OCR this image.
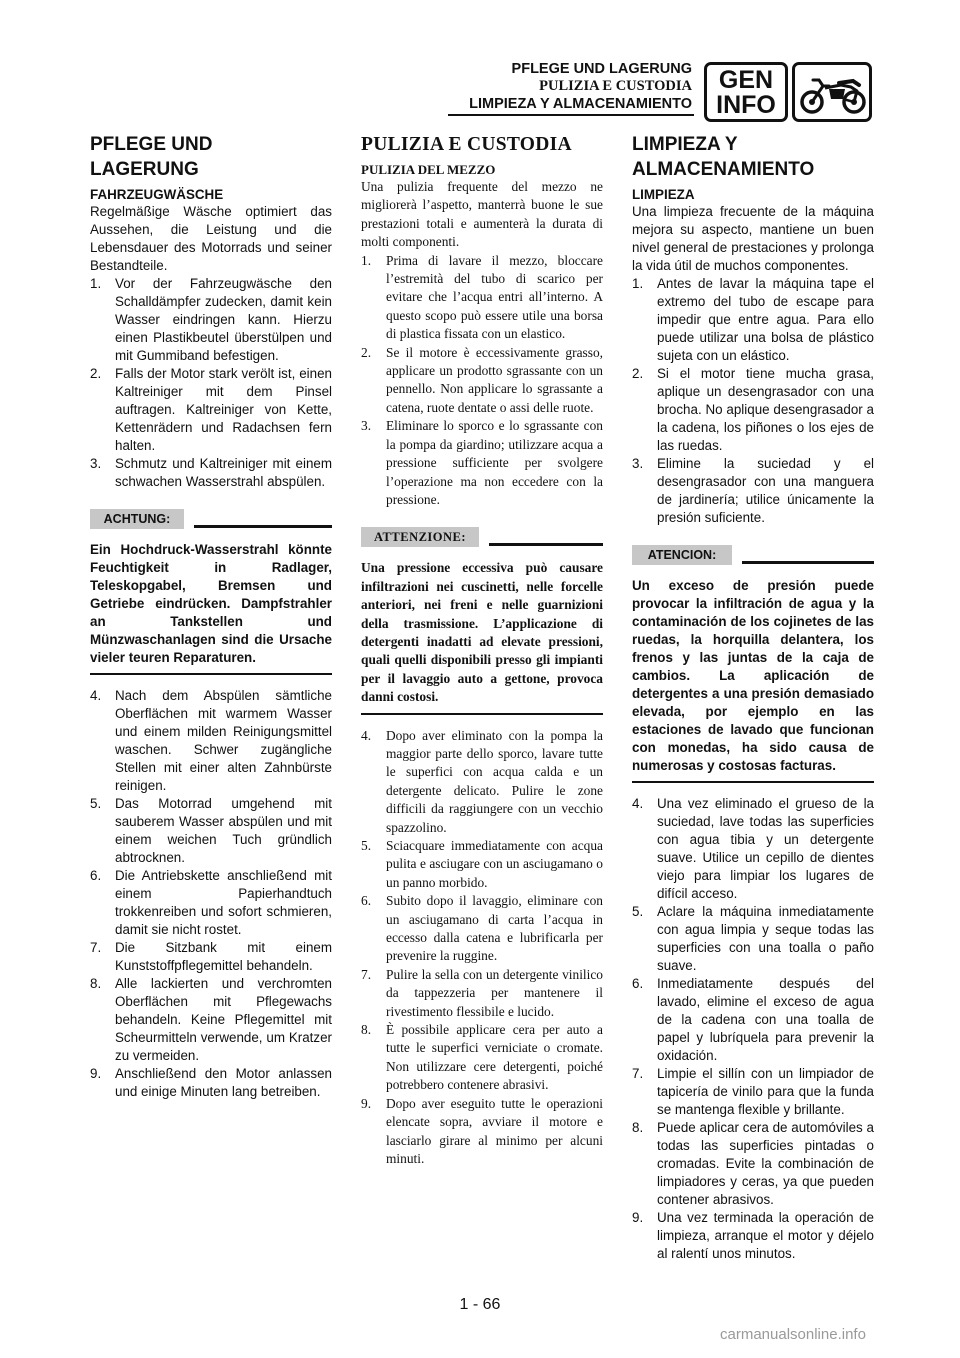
PFLEGE UND LAGERUNG
PULIZIA E CUSTODIA
LIMPIEZA Y ALMACENAMIENTO
GEN
INFO
PFLEGE UND
LAGERUNG
FAHRZEUGWÄSCHE

Regelmäßige Wäsche optimiert das Aussehen, die Leistung und die Lebensdauer des Motorrads und seiner Bestandteile.

1.	Vor der Fahrzeugwäsche den Schalldämpfer zudecken, damit kein Wasser eindringen kann. Hierzu einen Plastikbeutel überstülpen und mit Gummiband befestigen.
2.	Falls der Motor stark verölt ist, einen Kaltreiniger mit dem Pinsel auftragen. Kaltreiniger von Kette, Kettenrädern und Radachsen fern halten.
3.	Schmutz und Kaltreiniger mit einem schwachen Wasserstrahl abspülen.
ACHTUNG:

Ein Hochdruck-Wasserstrahl könnte Feuchtigkeit in Radlager, Teleskopgabel, Bremsen und Getriebe eindrücken. Dampfstrahler an Tankstellen und Münzwaschanlagen sind die Ursache vieler teuren Reparaturen.

4.	Nach dem Abspülen sämtliche Oberflächen mit warmem Wasser und einem milden Reinigungsmittel waschen. Schwer zugängliche Stellen mit einer alten Zahnbürste reinigen.
5.	Das Motorrad umgehend mit sauberem Wasser abspülen und mit einem weichen Tuch gründlich abtrocknen.
6.	Die Antriebskette anschließend mit einem Papierhandtuch trokkenreiben und sofort schmieren, damit sie nicht rostet.
7.	Die Sitzbank mit einem Kunststoffpflegemittel behandeln.
8.	Alle lackierten und verchromten Oberflächen mit Pflegewachs behandeln. Keine Pflegemittel mit Scheurmitteln verwende, um Kratzer zu vermeiden.
9.	Anschließend den Motor anlassen und einige Minuten lang betreiben.
PULIZIA E CUSTODIA
PULIZIA DEL MEZZO

Una pulizia frequente del mezzo ne migliorerà l’aspetto, manterrà buone le sue prestazioni totali e aumenterà la durata di molti componenti.

1.	Prima di lavare il mezzo, bloccare l’estremità del tubo di scarico per evitare che l’acqua entri all’interno. A questo scopo può essere utile una borsa di plastica fissata con un elastico.
2.	Se il motore è eccessivamente grasso, applicare un prodotto sgrassante con un pennello. Non applicare lo sgrassante a catena, ruote dentate o assi delle ruote.
3.	Eliminare lo sporco e lo sgrassante con la pompa da giardino; utilizzare acqua a pressione sufficiente per svolgere l’operazione ma non eccedere con la pressione.
ATTENZIONE:

Una pressione eccessiva può causare infiltrazioni nei cuscinetti, nelle forcelle anteriori, nei freni e nelle guarnizioni della trasmissione. L’applicazione di detergenti inadatti ad elevate pressioni, quali quelli disponibili presso gli impianti per il lavaggio auto a gettone, provoca danni costosi.

4.	Dopo aver eliminato con la pompa la maggior parte dello sporco, lavare tutte le superfici con acqua calda e un detergente delicato. Pulire le zone difficili da raggiungere con un vecchio spazzolino.
5.	Sciacquare immediatamente con acqua pulita e asciugare con un asciugamano o un panno morbido.
6.	Subito dopo il lavaggio, eliminare con un asciugamano di carta l’acqua in eccesso dalla catena e lubrificarla per prevenire la ruggine.
7.	Pulire la sella con un detergente vinilico da tappezzeria per mantenere il rivestimento flessibile e lucido.
8.	È possibile applicare cera per auto a tutte le superfici verniciate o cromate. Non utilizzare cere detergenti, poiché potrebbero contenere abrasivi.
9.	Dopo aver eseguito tutte le operazioni elencate sopra, avviare il motore e lasciarlo girare al minimo per alcuni minuti.
LIMPIEZA Y
ALMACENAMIENTO
LIMPIEZA

Una limpieza frecuente de la máquina mejora su aspecto, mantiene un buen nivel general de prestaciones y prolonga la vida útil de muchos componentes.

1.	Antes de lavar la máquina tape el extremo del tubo de escape para impedir que entre agua. Para ello puede utilizar una bolsa de plástico sujeta con un elástico.
2.	Si el motor tiene mucha grasa, aplique un desengrasador con una brocha. No aplique desengrasador a la cadena, los piñones o los ejes de las ruedas.
3.	Elimine la suciedad y el desengrasador con una manguera de jardinería; utilice únicamente la presión suficiente.
ATENCION:

Un exceso de presión puede provocar la infiltración de agua y la contaminación de los cojinetes de las ruedas, la horquilla delantera, los frenos y las juntas de la caja de cambios. La aplicación de detergentes a una presión demasiado elevada, por ejemplo en las estaciones de lavado que funcionan con monedas, ha sido causa de numerosas y costosas facturas.

4.	Una vez eliminado el grueso de la suciedad, lave todas las superficies con agua tibia y un detergente suave. Utilice un cepillo de dientes viejo para limpiar los lugares de difícil acceso.
5.	Aclare la máquina inmediatamente con agua limpia y seque todas las superficies con una toalla o paño suave.
6.	Inmediatamente después del lavado, elimine el exceso de agua de la cadena con una toalla de papel y lubríquela para prevenir la oxidación.
7.	Limpie el sillín con un limpiador de tapicería de vinilo para que la funda se mantenga flexible y brillante.
8.	Puede aplicar cera de automóviles a todas las superficies pintadas o cromadas. Evite la combinación de limpiadores y ceras, ya que pueden contener abrasivos.
9.	Una vez terminada la operación de limpieza, arranque el motor y déjelo al ralentí unos minutos.
1 - 66
carmanualsonline.info
